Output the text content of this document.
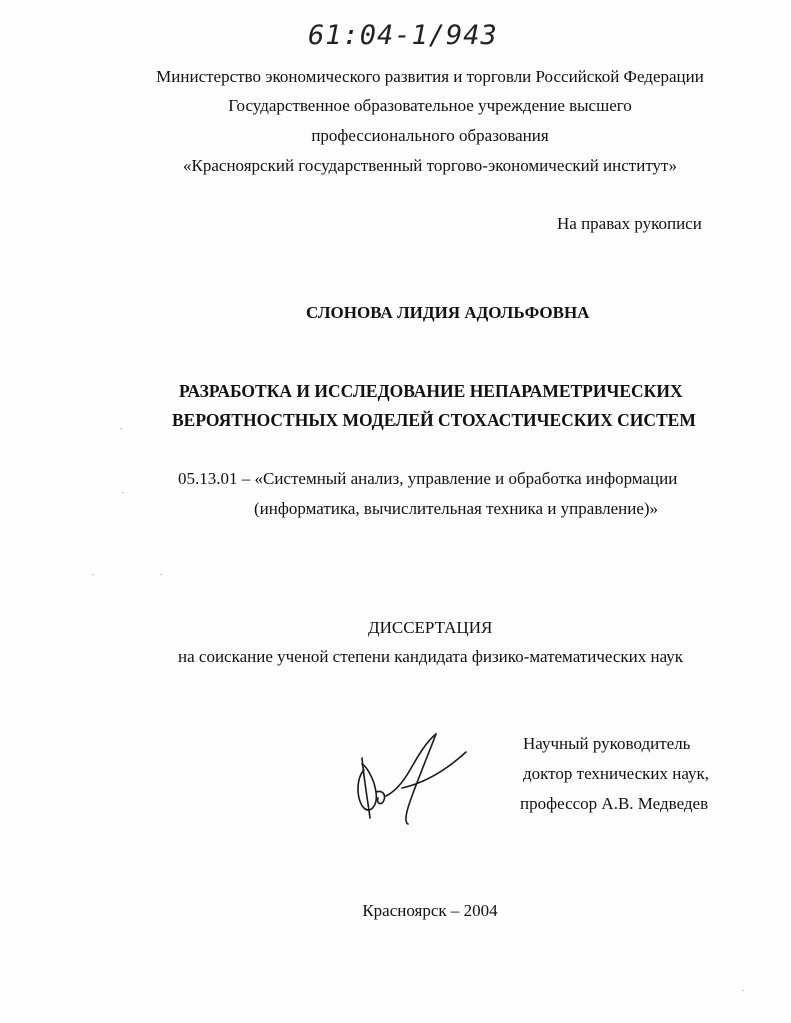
61:04-1/943
Министерство экономического развития и торговли Российской Федерации
Государственное образовательное учреждение высшего
профессионального образования
«Красноярский государственный торгово-экономический институт»
На правах рукописи
СЛОНОВА ЛИДИЯ АДОЛЬФОВНА
РАЗРАБОТКА И ИССЛЕДОВАНИЕ НЕПАРАМЕТРИЧЕСКИХ
ВЕРОЯТНОСТНЫХ МОДЕЛЕЙ СТОХАСТИЧЕСКИХ СИСТЕМ
05.13.01 – «Системный анализ, управление и обработка информации
(информатика, вычислительная техника и управление)»
ДИССЕРТАЦИЯ
на соискание ученой степени кандидата физико-математических наук
Научный руководитель
доктор технических наук,
профессор А.В. Медведев
Красноярск – 2004
